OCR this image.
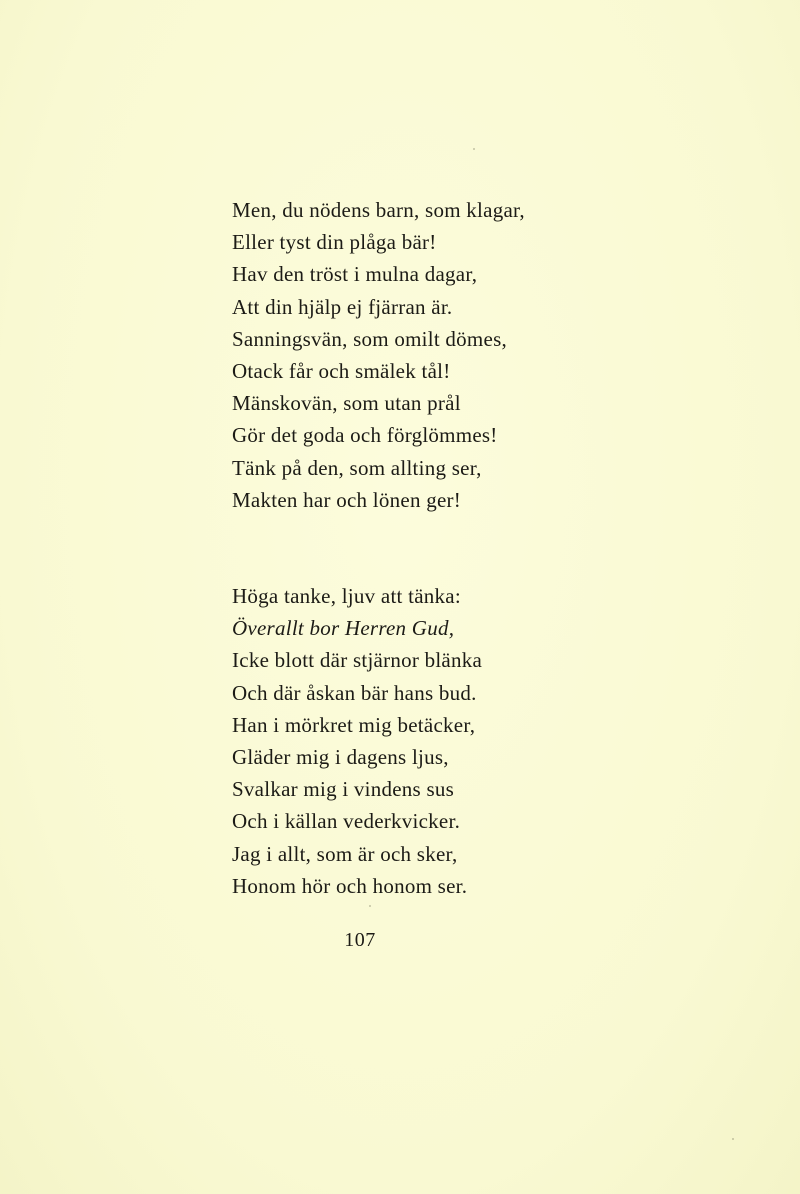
Men, du nödens barn, som klagar,
Eller tyst din plåga bär!
Hav den tröst i mulna dagar,
Att din hjälp ej fjärran är.
Sanningsvän, som omilt dömes,
Otack får och smälek tål!
Mänskovän, som utan prål
Gör det goda och förglömmes!
Tänk på den, som allting ser,
Makten har och lönen ger!
Höga tanke, ljuv att tänka:
Överallt bor Herren Gud,
Icke blott där stjärnor blänka
Och där åskan bär hans bud.
Han i mörkret mig betäcker,
Gläder mig i dagens ljus,
Svalkar mig i vindens sus
Och i källan vederkvicker.
Jag i allt, som är och sker,
Honom hör och honom ser.
107
